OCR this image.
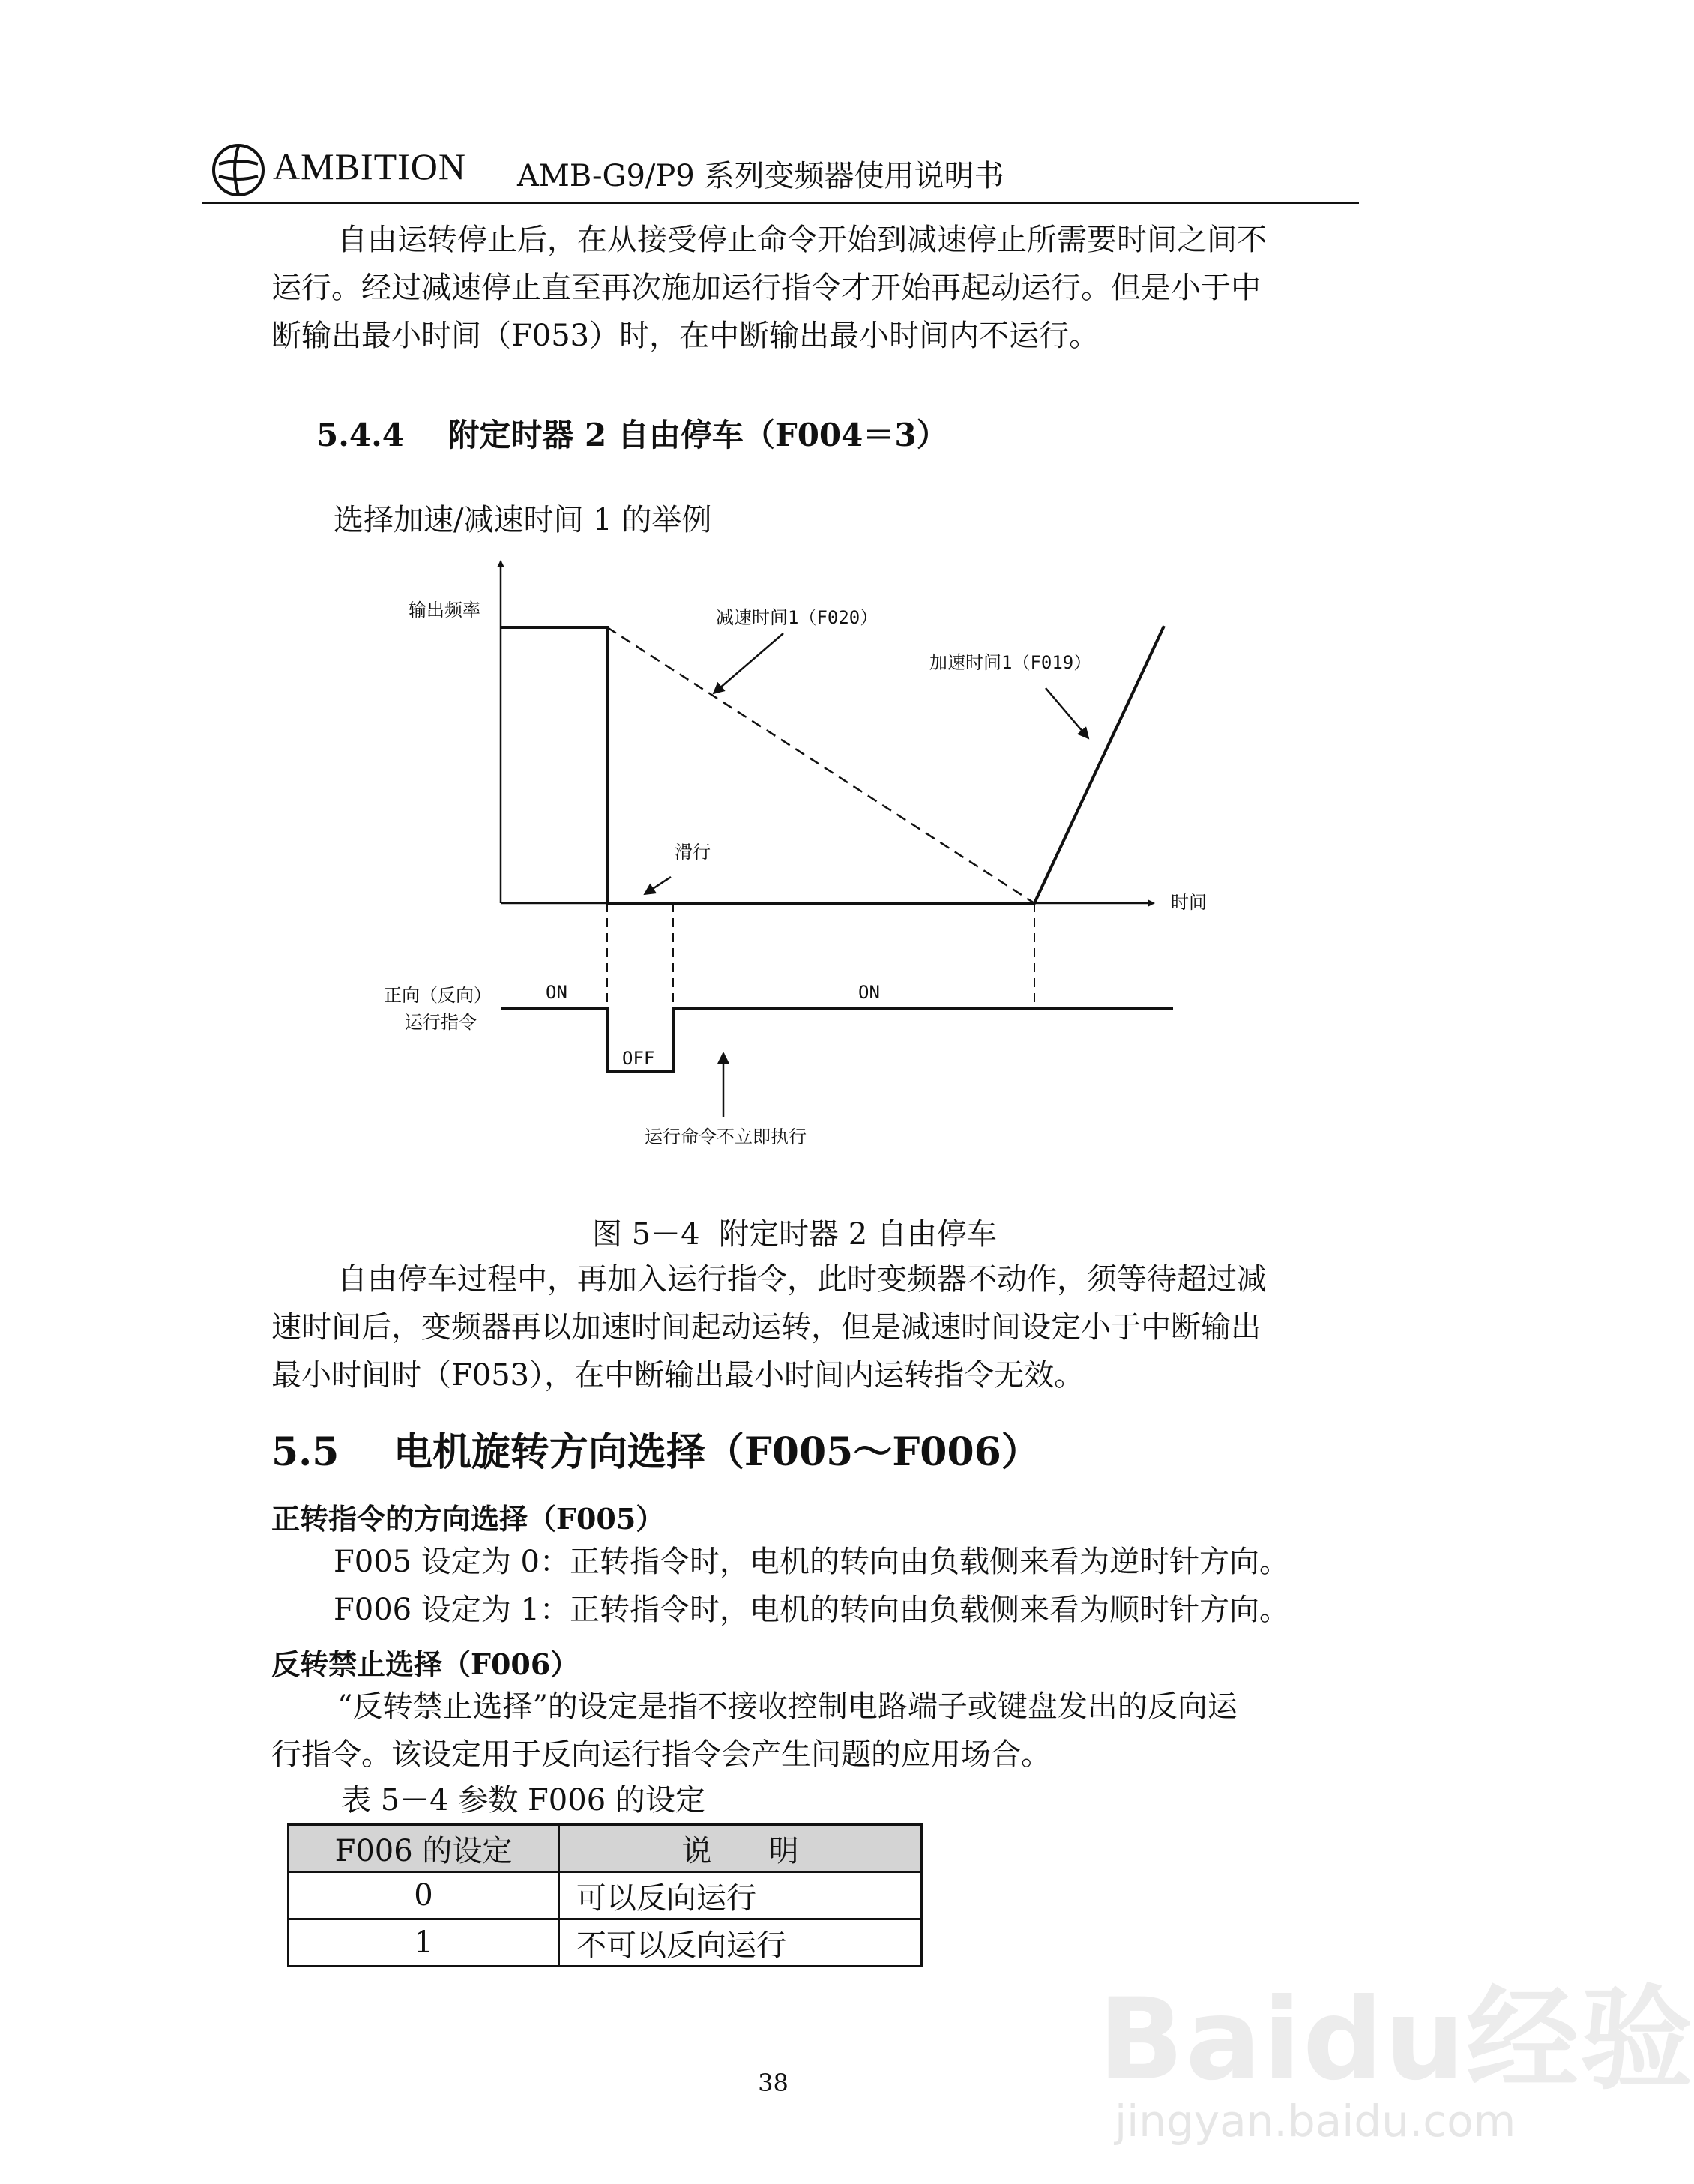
AMBITION AMB-G9/P9 系列变频器使用说明书
自由运转停止后，在从接受停止命令开始到减速停止所需要时间之间不
运行。经过减速停止直至再次施加运行指令才开始再起动运行。但是小于中
断输出最小时间（F053）时，在中断输出最小时间内不运行。
5.4.4    附定时器 2 自由停车（F004＝3）
选择加速/减速时间 1 的举例
输出频率
时间
减速时间1（F020）
加速时间1（F019）
滑行
正向（反向）
运行指令
ON	ON
OFF
运行命令不立即执行
图 5－4  附定时器 2 自由停车
自由停车过程中，再加入运行指令，此时变频器不动作，须等待超过减
速时间后，变频器再以加速时间起动运转，但是减速时间设定小于中断输出
最小时间时（F053），在中断输出最小时间内运转指令无效。
5.5    电机旋转方向选择（F005～F006）
正转指令的方向选择（F005）
F005 设定为 0：正转指令时，电机的转向由负载侧来看为逆时针方向。
F006 设定为 1：正转指令时，电机的转向由负载侧来看为顺时针方向。
反转禁止选择（F006）
“反转禁止选择”的设定是指不接收控制电路端子或键盘发出的反向运
行指令。该设定用于反向运行指令会产生问题的应用场合。
表 5－4 参数 F006 的设定
F006 的设定	说      明
0	可以反向运行
1	不可以反向运行
Baidu经验
jingyan.baidu.com
38
